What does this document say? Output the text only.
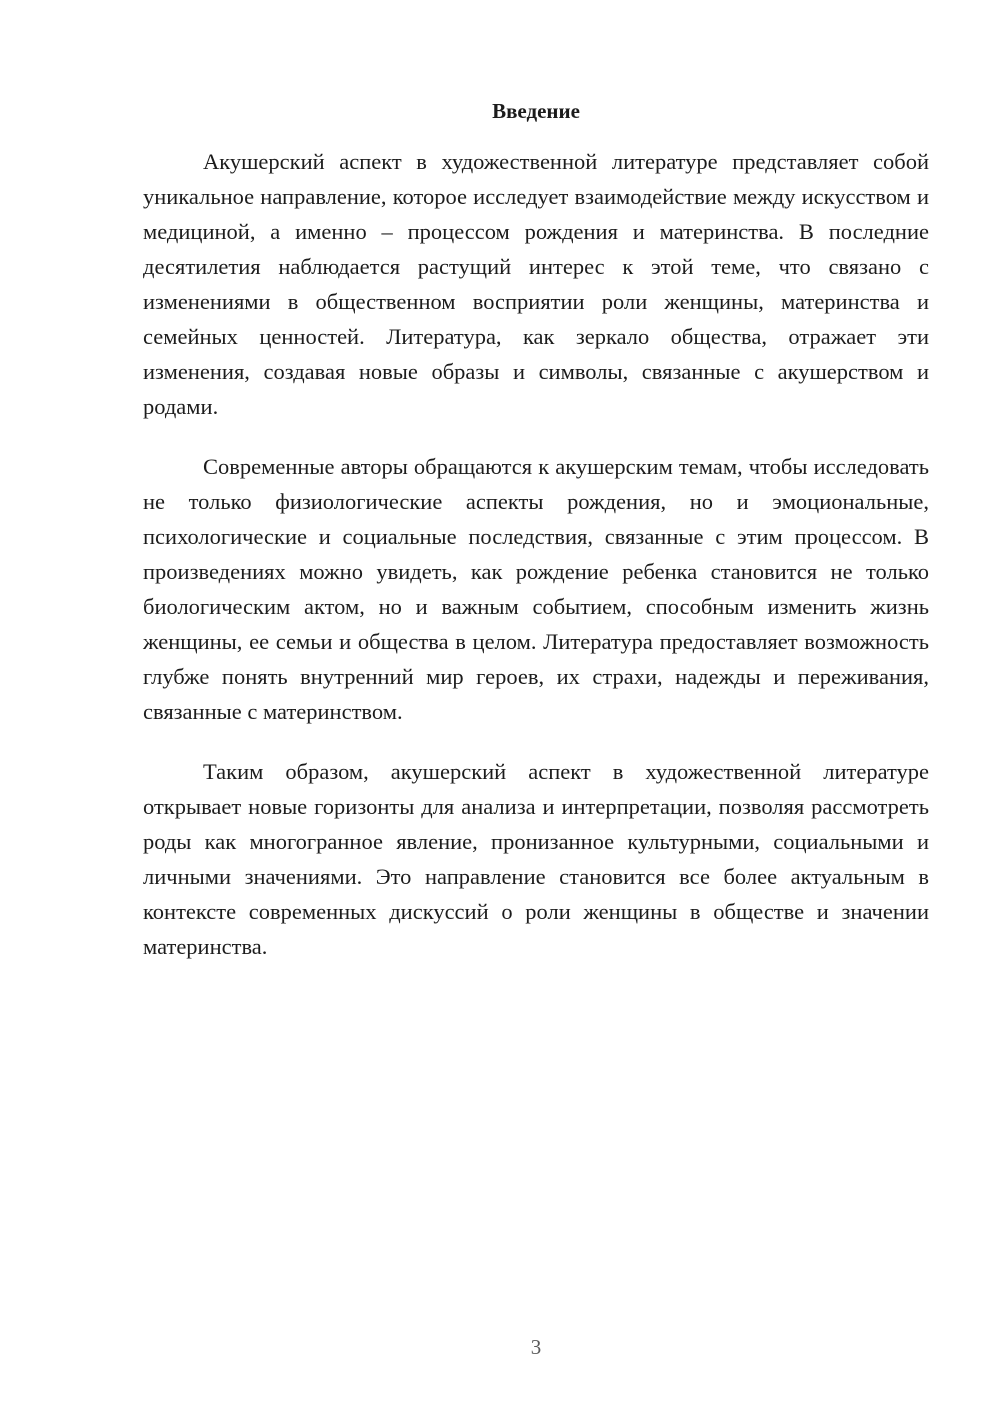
Введение

Акушерский аспект в художественной литературе представляет собой уникальное направление, которое исследует взаимодействие между искусством и медициной, а именно – процессом рождения и материнства. В последние десятилетия наблюдается растущий интерес к этой теме, что связано с изменениями в общественном восприятии роли женщины, материнства и семейных ценностей. Литература, как зеркало общества, отражает эти изменения, создавая новые образы и символы, связанные с акушерством и родами.

Современные авторы обращаются к акушерским темам, чтобы исследовать не только физиологические аспекты рождения, но и эмоциональные, психологические и социальные последствия, связанные с этим процессом. В произведениях можно увидеть, как рождение ребенка становится не только биологическим актом, но и важным событием, способным изменить жизнь женщины, ее семьи и общества в целом. Литература предоставляет возможность глубже понять внутренний мир героев, их страхи, надежды и переживания, связанные с материнством.

Таким образом, акушерский аспект в художественной литературе открывает новые горизонты для анализа и интерпретации, позволяя рассмотреть роды как многогранное явление, пронизанное культурными, социальными и личными значениями. Это направление становится все более актуальным в контексте современных дискуссий о роли женщины в обществе и значении материнства.

3
